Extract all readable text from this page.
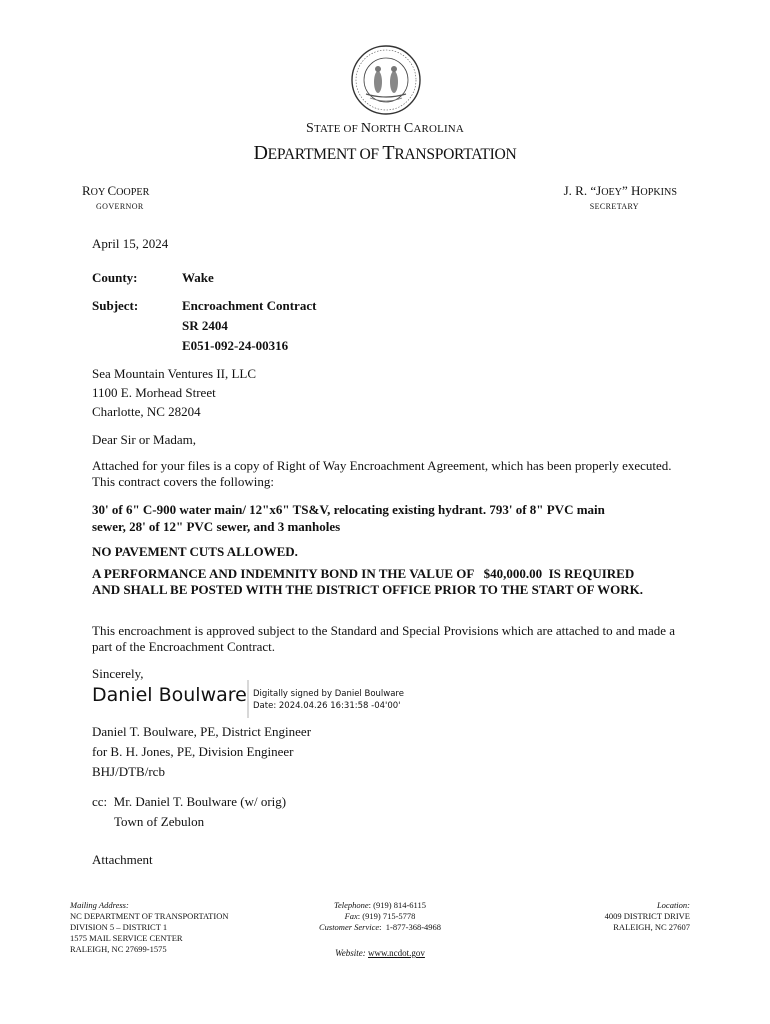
STATE OF NORTH CAROLINA
DEPARTMENT OF TRANSPORTATION
ROY COOPER
GOVERNOR
J. R. “JOEY” HOPKINS
SECRETARY
April 15, 2024
County:	Wake
Subject:	Encroachment Contract
SR 2404
E051-092-24-00316
Sea Mountain Ventures II, LLC
1100 E. Morhead Street
Charlotte, NC 28204
Dear Sir or Madam,
Attached for your files is a copy of Right of Way Encroachment Agreement, which has been properly executed. This contract covers the following:
30' of 6" C-900 water main/ 12"x6" TS&V, relocating existing hydrant. 793' of 8" PVC main sewer, 28' of 12" PVC sewer, and 3 manholes
NO PAVEMENT CUTS ALLOWED.
A PERFORMANCE AND INDEMNITY BOND IN THE VALUE OF   $40,000.00  IS REQUIRED
AND SHALL BE POSTED WITH THE DISTRICT OFFICE PRIOR TO THE START OF WORK.
This encroachment is approved subject to the Standard and Special Provisions which are attached to and made a part of the Encroachment Contract.
Sincerely,
Daniel Boulware Digitally signed by Daniel Boulware
Date: 2024.04.26 16:31:58 -04'00'
Daniel T. Boulware, PE, District Engineer
for B. H. Jones, PE, Division Engineer
BHJ/DTB/rcb
cc:  Mr. Daniel T. Boulware (w/ orig)
Town of Zebulon
Attachment
Mailing Address:
NC DEPARTMENT OF TRANSPORTATION
DIVISION 5 – DISTRICT 1
1575 MAIL SERVICE CENTER
RALEIGH, NC 27699-1575
Telephone: (919) 814-6115
Fax: (919) 715-5778
Customer Service:  1-877-368-4968
Location:
4009 DISTRICT DRIVE
RALEIGH, NC 27607
Website: www.ncdot.gov
